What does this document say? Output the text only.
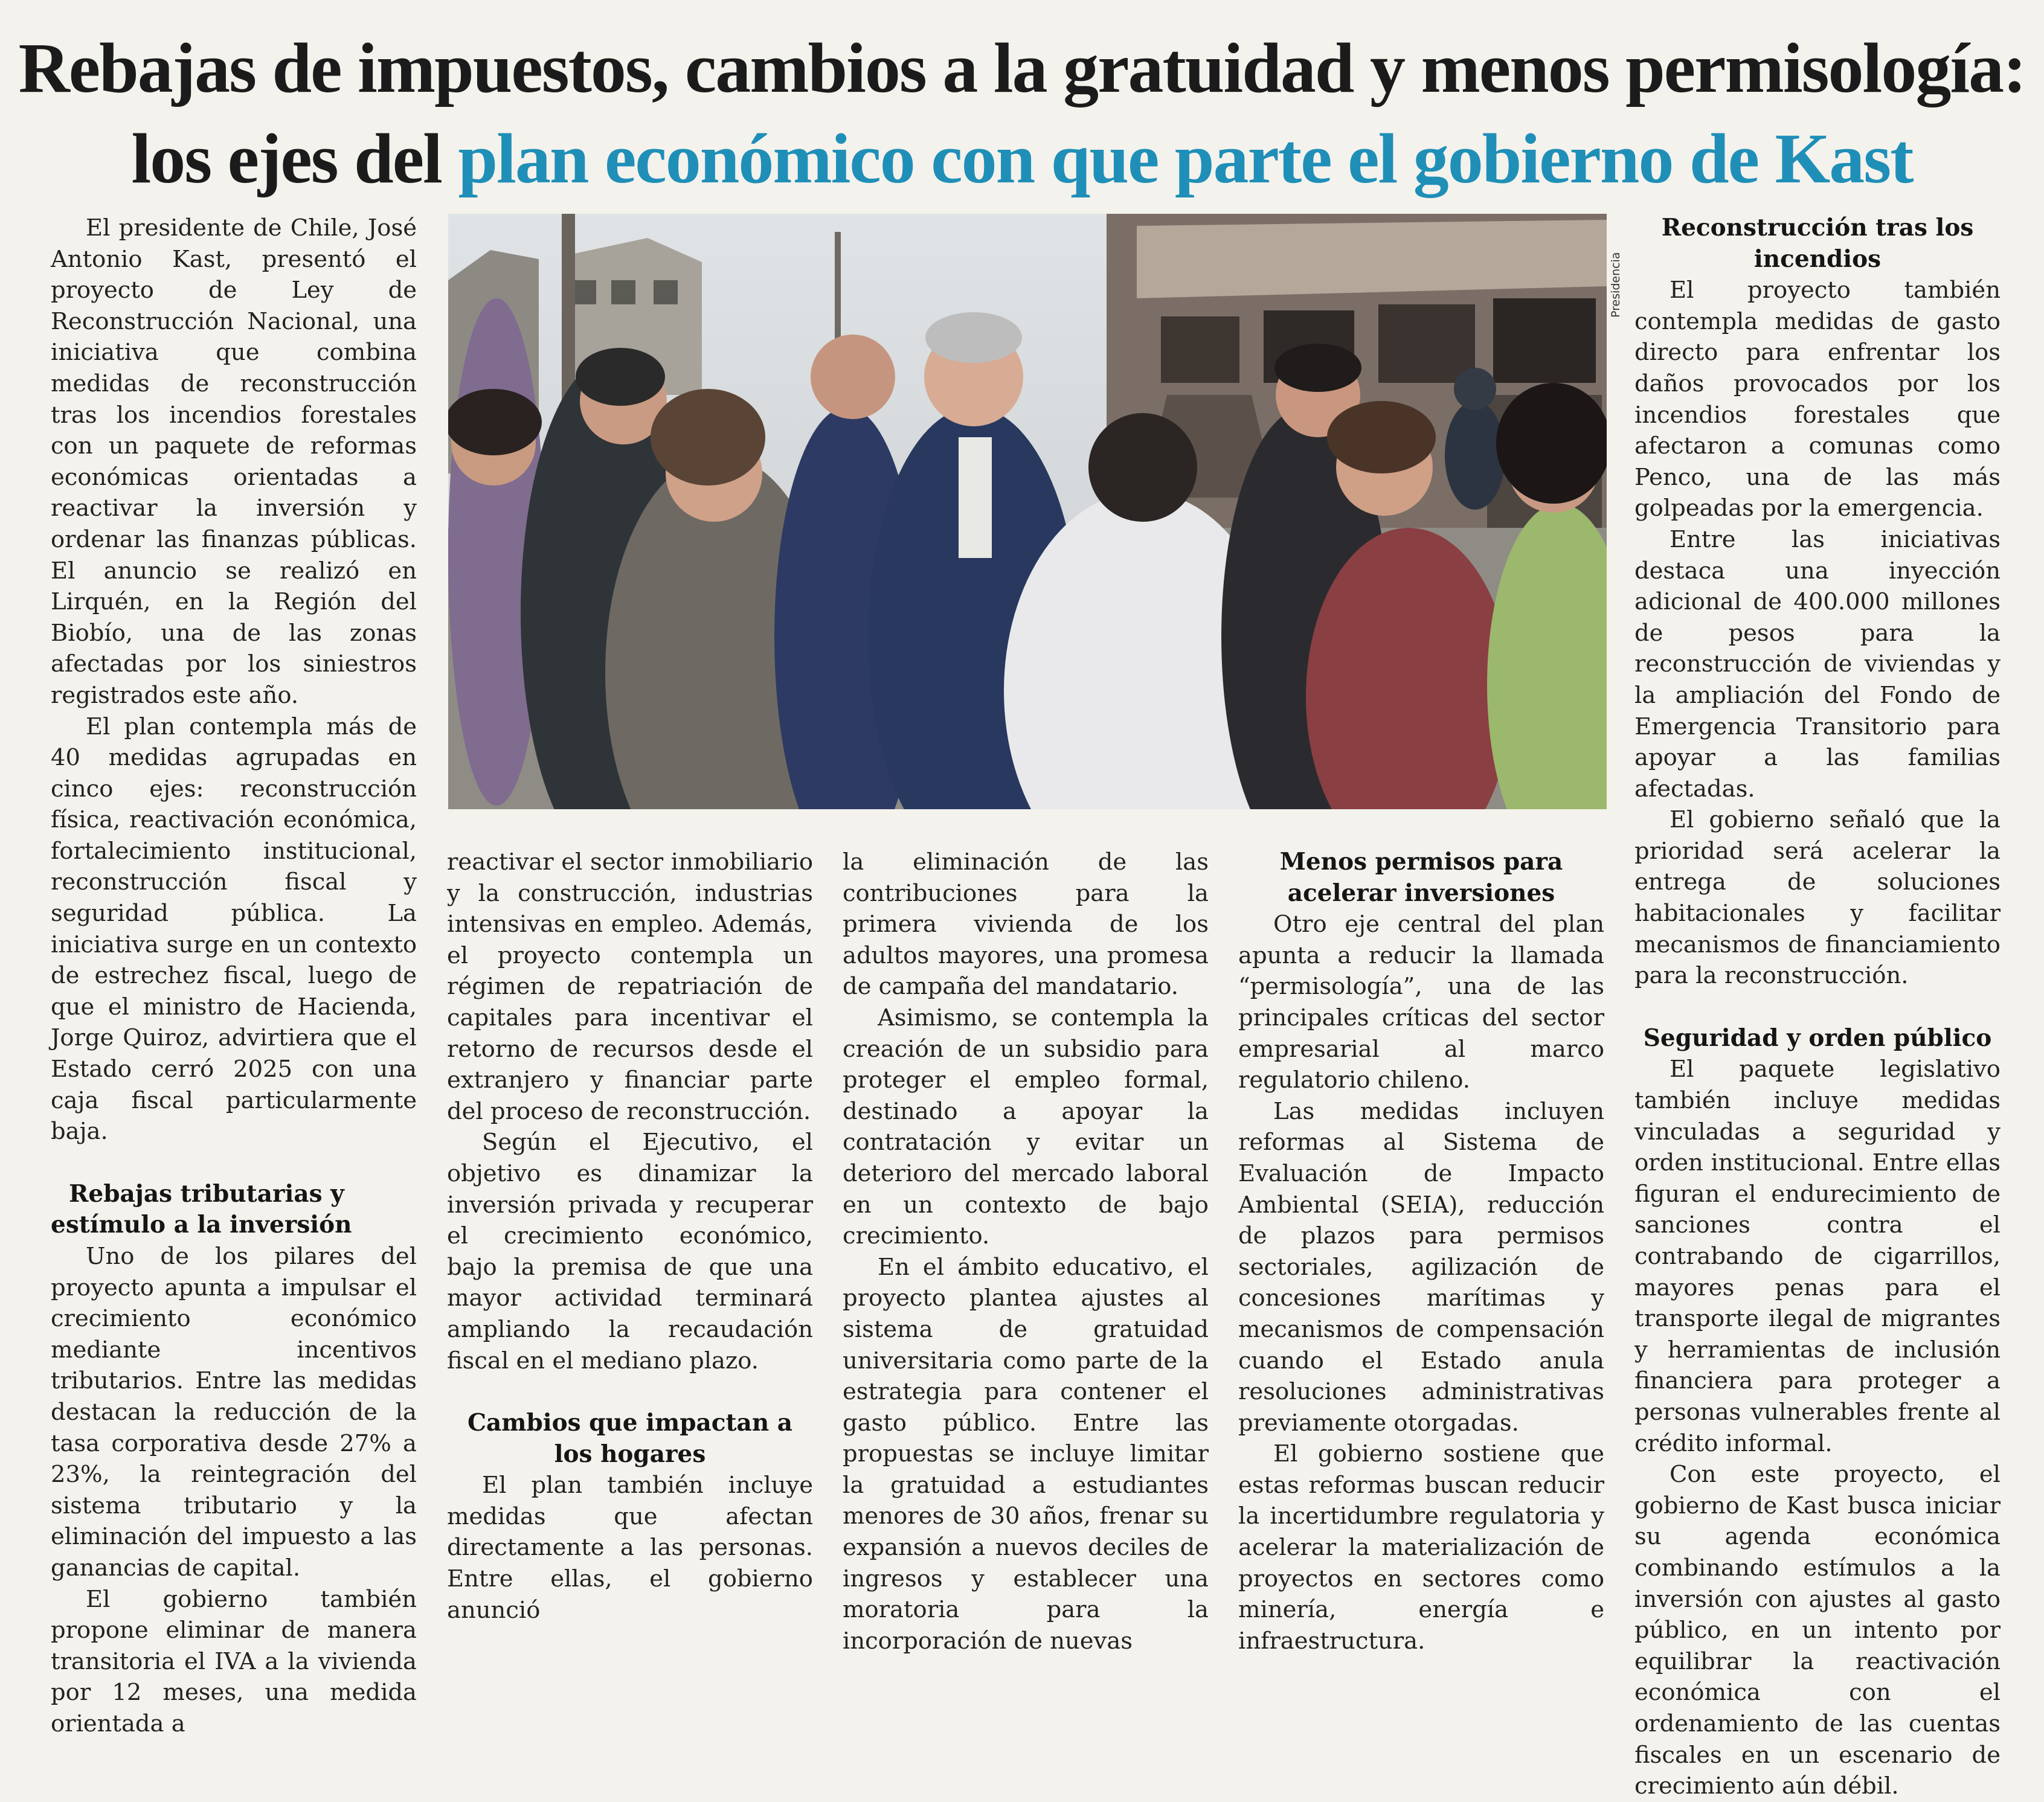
Rebajas de impuestos, cambios a la gratuidad y menos permisología:
los ejes del plan económico con que parte el gobierno de Kast
Presidencia

El presidente de Chile, José Antonio Kast, presentó el proyecto de Ley de Reconstrucción Nacional, una iniciativa que combina medidas de reconstrucción tras los incendios forestales con un paquete de reformas económicas orientadas a reactivar la inversión y ordenar las finanzas públicas. El anuncio se realizó en Lirquén, en la Región del Biobío, una de las zonas afectadas por los siniestros registrados este año.

El plan contempla más de 40 medidas agrupadas en cinco ejes: reconstrucción física, reactivación económica, fortalecimiento institucional, reconstrucción fiscal y seguridad pública. La iniciativa surge en un contexto de estrechez fiscal, luego de que el ministro de Hacienda, Jorge Quiroz, advirtiera que el Estado cerró 2025 con una caja fiscal particularmente baja.

Rebajas tributarias y estímulo a la inversión

Uno de los pilares del proyecto apunta a impulsar el crecimiento económico mediante incentivos tributarios. Entre las medidas destacan la reducción de la tasa corporativa desde 27% a 23%, la reintegración del sistema tributario y la eliminación del impuesto a las ganancias de capital.

El gobierno también propone eliminar de manera transitoria el IVA a la vivienda por 12 meses, una medida orientada a

reactivar el sector inmobiliario y la construcción, industrias intensivas en empleo. Además, el proyecto contempla un régimen de repatriación de capitales para incentivar el retorno de recursos desde el extranjero y financiar parte del proceso de reconstrucción.

Según el Ejecutivo, el objetivo es dinamizar la inversión privada y recuperar el crecimiento económico, bajo la premisa de que una mayor actividad terminará ampliando la recaudación fiscal en el mediano plazo.

Cambios que impactan a los hogares

El plan también incluye medidas que afectan directamente a las personas. Entre ellas, el gobierno anunció

la eliminación de las contribuciones para la primera vivienda de los adultos mayores, una promesa de campaña del mandatario.

Asimismo, se contempla la creación de un subsidio para proteger el empleo formal, destinado a apoyar la contratación y evitar un deterioro del mercado laboral en un contexto de bajo crecimiento.

En el ámbito educativo, el proyecto plantea ajustes al sistema de gratuidad universitaria como parte de la estrategia para contener el gasto público. Entre las propuestas se incluye limitar la gratuidad a estudiantes menores de 30 años, frenar su expansión a nuevos deciles de ingresos y establecer una moratoria para la incorporación de nuevas

Menos permisos para acelerar inversiones

Otro eje central del plan apunta a reducir la llamada “permisología”, una de las principales críticas del sector empresarial al marco regulatorio chileno.

Las medidas incluyen reformas al Sistema de Evaluación de Impacto Ambiental (SEIA), reducción de plazos para permisos sectoriales, agilización de concesiones marítimas y mecanismos de compensación cuando el Estado anula resoluciones administrativas previamente otorgadas.

El gobierno sostiene que estas reformas buscan reducir la incertidumbre regulatoria y acelerar la materialización de proyectos en sectores como minería, energía e infraestructura.

Reconstrucción tras los incendios

El proyecto también contempla medidas de gasto directo para enfrentar los daños provocados por los incendios forestales que afectaron a comunas como Penco, una de las más golpeadas por la emergencia.

Entre las iniciativas destaca una inyección adicional de 400.000 millones de pesos para la reconstrucción de viviendas y la ampliación del Fondo de Emergencia Transitorio para apoyar a las familias afectadas.

El gobierno señaló que la prioridad será acelerar la entrega de soluciones habitacionales y facilitar mecanismos de financiamiento para la reconstrucción.

Seguridad y orden público

El paquete legislativo también incluye medidas vinculadas a seguridad y orden institucional. Entre ellas figuran el endurecimiento de sanciones contra el contrabando de cigarrillos, mayores penas para el transporte ilegal de migrantes y herramientas de inclusión financiera para proteger a personas vulnerables frente al crédito informal.

Con este proyecto, el gobierno de Kast busca iniciar su agenda económica combinando estímulos a la inversión con ajustes al gasto público, en un intento por equilibrar la reactivación económica con el ordenamiento de las cuentas fiscales en un escenario de crecimiento aún débil.
